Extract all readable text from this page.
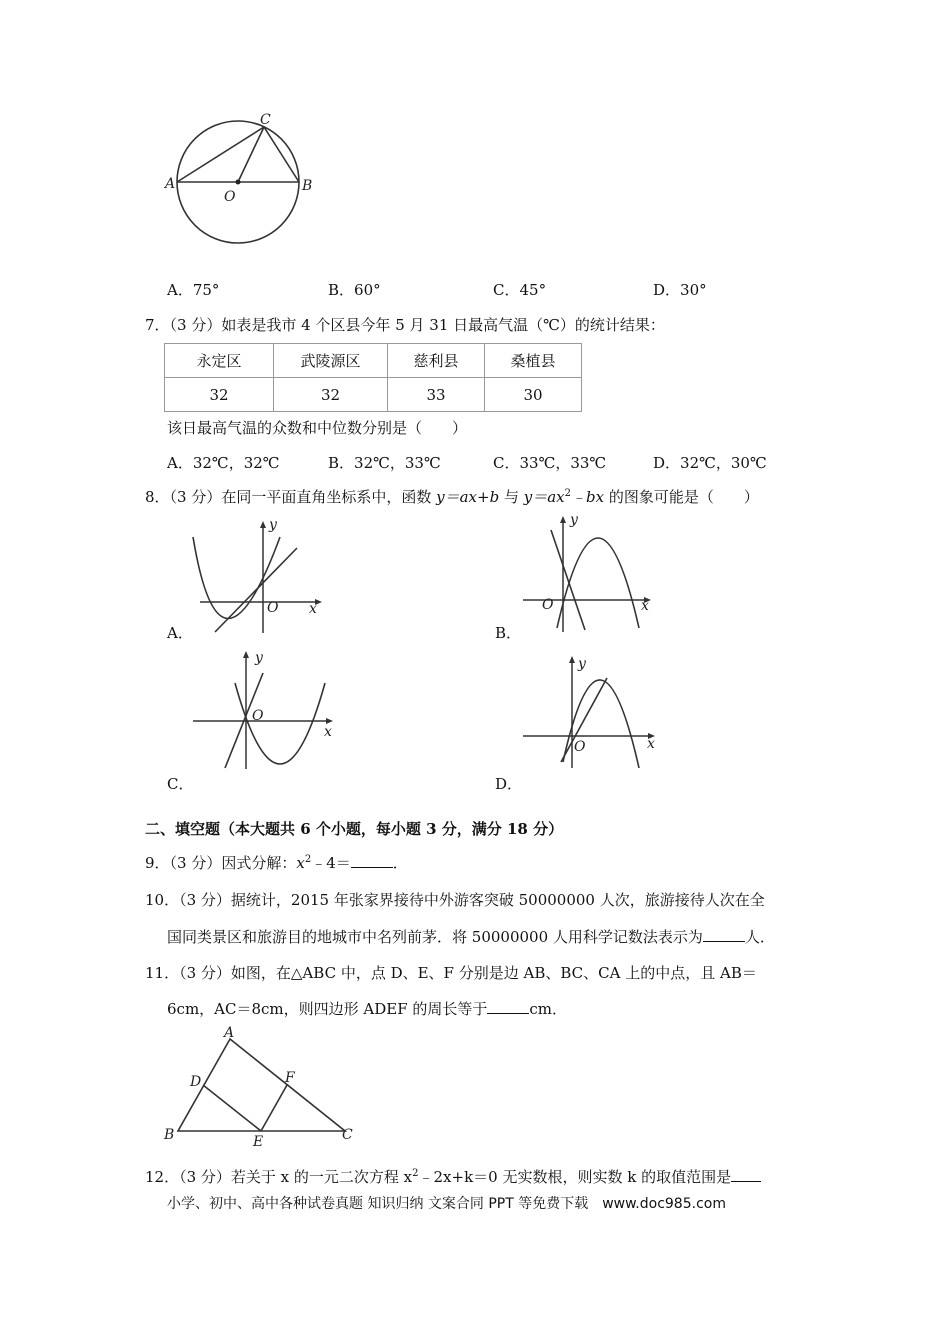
A	B
C
O
A．75°	B．60°	C．45°	D．30°
7．（3 分）如表是我市 4 个区县今年 5 月 31 日最高气温（℃）的统计结果：
永定区	武陵源区	慈利县	桑植县
32	32	33	30
该日最高气温的众数和中位数分别是（　　）
A．32℃，32℃	B．32℃，33℃	C．33℃，33℃	D．32℃，30℃
8．（3 分）在同一平面直角坐标系中，函数 y＝ax+b 与 $y=ax^2﹣bx$ 的图象可能是（　　）
y
O x
A．
y
O	x
B．
y
O
x
C．
y
O	x
D．
二、填空题（本大题共 6 个小题，每小题 3 分，满分 18 分）
9．（3 分）因式分解：$x^2﹣4=$	．
10．（3 分）据统计，2015 年张家界接待中外游客突破 50000000 人次，旅游接待人次在全
国同类景区和旅游目的地城市中名列前茅．将 50000000 人用科学记数法表示为	人．
11．（3 分）如图，在△ABC 中，点 D、E、F 分别是边 AB、BC、CA 上的中点，且 AB＝
6cm，AC＝8cm，则四边形 ADEF 的周长等于	cm．
A
B	C
D
E
F
12．（3 分）若关于 x 的一元二次方程 $x^2﹣2x+k=0$ 无实数根，则实数 k 的取值范围是
小学、初中、高中各种试卷真题 知识归纳 文案合同 PPT 等免费下载　www.doc985.com
